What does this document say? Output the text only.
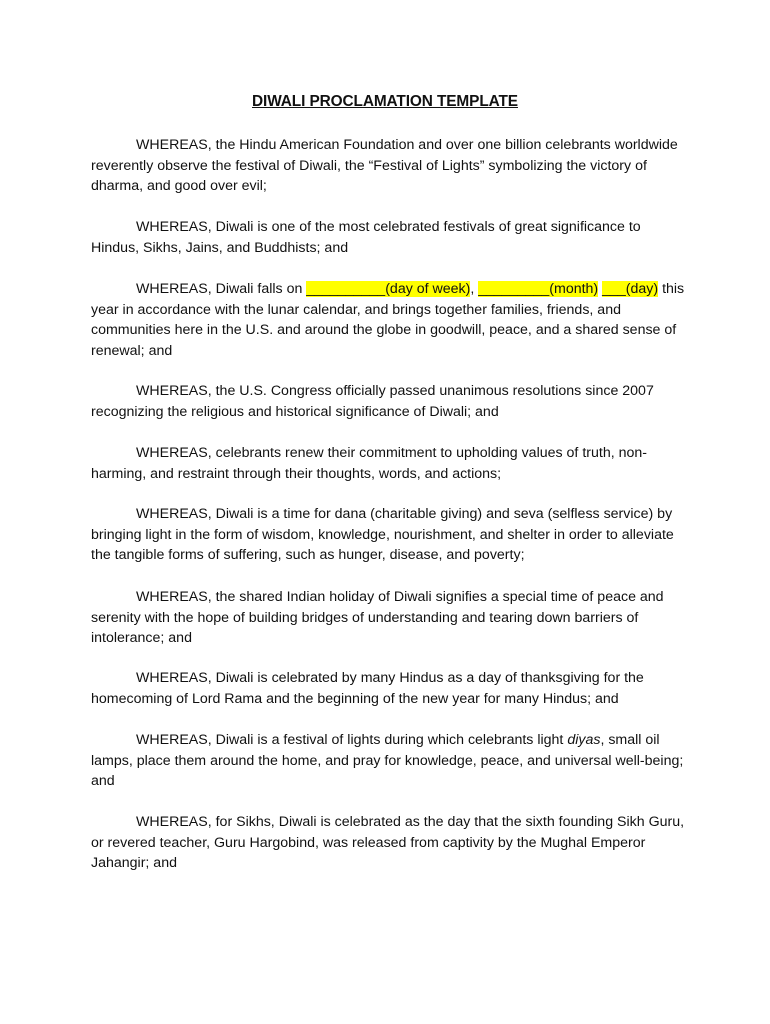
DIWALI PROCLAMATION TEMPLATE

WHEREAS, the Hindu American Foundation and over one billion celebrants worldwide reverently observe the festival of Diwali, the “Festival of Lights” symbolizing the victory of dharma, and good over evil;

WHEREAS, Diwali is one of the most celebrated festivals of great significance to Hindus, Sikhs, Jains, and Buddhists; and

WHEREAS, Diwali falls on __________(day of week), _________(month) ___(day) this year in accordance with the lunar calendar, and brings together families, friends, and communities here in the U.S. and around the globe in goodwill, peace, and a shared sense of renewal; and

WHEREAS, the U.S. Congress officially passed unanimous resolutions since 2007 recognizing the religious and historical significance of Diwali; and

WHEREAS, celebrants renew their commitment to upholding values of truth, non-harming, and restraint through their thoughts, words, and actions;

WHEREAS, Diwali is a time for dana (charitable giving) and seva (selfless service) by bringing light in the form of wisdom, knowledge, nourishment, and shelter in order to alleviate the tangible forms of suffering, such as hunger, disease, and poverty;

WHEREAS, the shared Indian holiday of Diwali signifies a special time of peace and serenity with the hope of building bridges of understanding and tearing down barriers of intolerance; and

WHEREAS, Diwali is celebrated by many Hindus as a day of thanksgiving for the homecoming of Lord Rama and the beginning of the new year for many Hindus; and

WHEREAS, Diwali is a festival of lights during which celebrants light diyas, small oil lamps, place them around the home, and pray for knowledge, peace, and universal well-being; and

WHEREAS, for Sikhs, Diwali is celebrated as the day that the sixth founding Sikh Guru, or revered teacher, Guru Hargobind, was released from captivity by the Mughal Emperor Jahangir; and
